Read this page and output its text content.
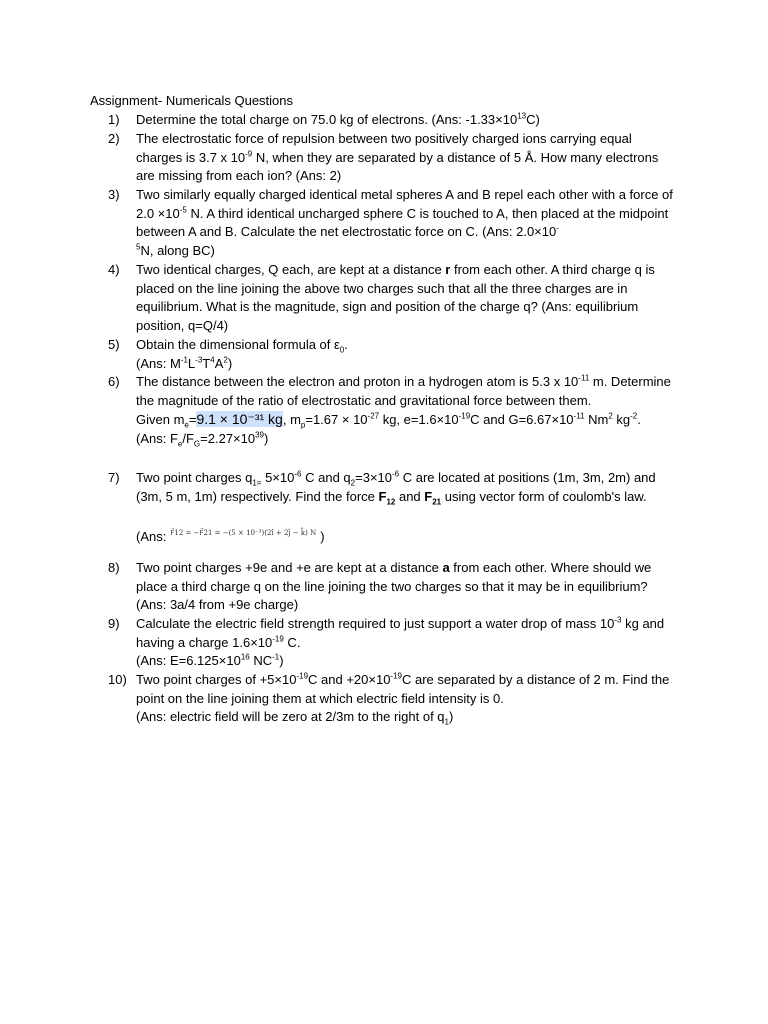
Assignment- Numericals Questions
1)	Determine the total charge on 75.0 kg of electrons. (Ans: $-1.33\times 10^{13}C$)
2)	The electrostatic force of repulsion between two positively charged ions carrying equal charges is 3.7 x $10^{-9}$ N, when they are separated by a distance of 5 Å. How many electrons are missing from each ion? (Ans: 2)
3)	Two similarly equally charged identical metal spheres A and B repel each other with a force of $2.0 \times 10^{-5}$ N. A third identical uncharged sphere C is touched to A, then placed at the midpoint between A and B. Calculate the net electrostatic force on C. (Ans: 2.0×10-
$^5$N, along BC)
4)	Two identical charges, Q each, are kept at a distance r from each other. A third charge q is placed on the line joining the above two charges such that all the three charges are in equilibrium. What is the magnitude, sign and position of the charge q? (Ans: equilibrium position, q=Q/4)
5)	Obtain the dimensional formula of $\varepsilon_0$.
(Ans: $M^{-1}L^{-3}T^4A^2$)
6)	The distance between the electron and proton in a hydrogen atom is 5.3 x $10^{-11}$ m. Determine the magnitude of the ratio of electrostatic and gravitational force between them.
Given $m_e=9.1 \times 10^{-31}$ kg, $m_p=1.67 \times 10^{-27}$ kg, $e=1.6\times 10^{-19}C$ and $G=6.67\times 10^{-11}$ Nm$^2$ $kg^{-2}$.
(Ans: $F_e/F_G=2.27\times 10^{39}$)
7)	Two point charges $q_{1=}$ $5\times 10^{-6}$ C and $q_2=3\times 10^{-6}$ C are located at positions (1m, 3m, 2m) and (3m, 5 m, 1m) respectively. Find the force $F_{12}$ and $F_{21}$ using vector form of coulomb's law.

(Ans: F⃗12 = −F⃗21 = −(5 × 10⁻³)(2î + 2ĵ − k̂) N )
8)	Two point charges +9e and +e are kept at a distance a from each other. Where should we place a third charge q on the line joining the two charges so that it may be in equilibrium? (Ans: 3a/4 from +9e charge)
9)	Calculate the electric field strength required to just support a water drop of mass $10^{-3}$ kg and having a charge $1.6\times 10^{-19}$ C.
(Ans: $E=6.125\times 10^{16}$ $NC^{-1}$)
10) Two point charges of $+5\times 10^{-19}C$ and $+20\times 10^{-19}C$ are separated by a distance of 2 m. Find the point on the line joining them at which electric field intensity is 0.
(Ans: electric field will be zero at 2/3m to the right of $q_1$)
